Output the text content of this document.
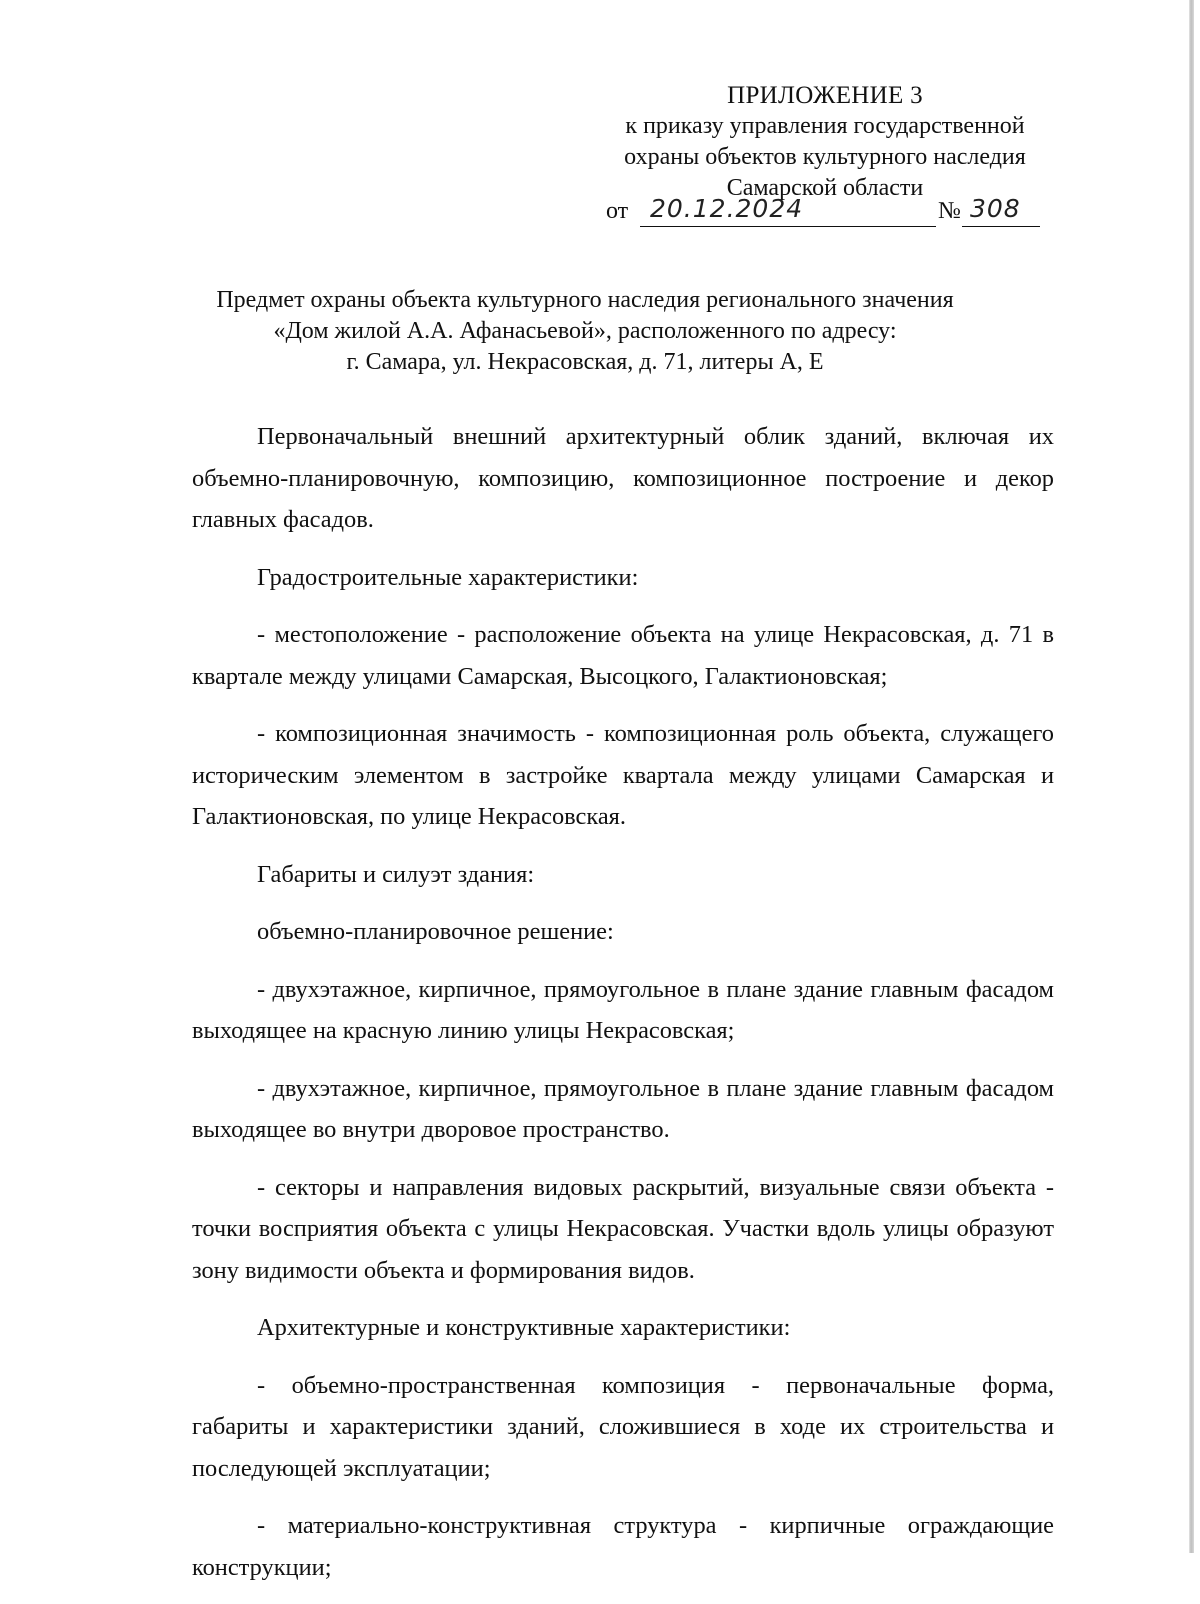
ПРИЛОЖЕНИЕ 3
к приказу управления государственной
охраны объектов культурного наследия
Самарской области
от 20.12.2024	№ 308
Предмет охраны объекта культурного наследия регионального значения
«Дом жилой А.А. Афанасьевой», расположенного по адресу:
г. Самара, ул. Некрасовская, д. 71, литеры А, Е

Первоначальный внешний архитектурный облик зданий, включая их объемно-планировочную, композицию, композиционное построение и декор главных фасадов.

Градостроительные характеристики:

- местоположение - расположение объекта на улице Некрасовская, д. 71 в квартале между улицами Самарская, Высоцкого, Галактионовская;

- композиционная значимость - композиционная роль объекта, служащего историческим элементом в застройке квартала между улицами Самарская и Галактионовская, по улице Некрасовская.

Габариты и силуэт здания:

объемно-планировочное решение:

- двухэтажное, кирпичное, прямоугольное в плане здание главным фасадом выходящее на красную линию улицы Некрасовская;

- двухэтажное, кирпичное, прямоугольное в плане здание главным фасадом выходящее во внутри дворовое пространство.

- секторы и направления видовых раскрытий, визуальные связи объекта - точки восприятия объекта с улицы Некрасовская. Участки вдоль улицы образуют зону видимости объекта и формирования видов.

Архитектурные и конструктивные характеристики:

- объемно-пространственная композиция - первоначальные форма, габариты и характеристики зданий, сложившиеся в ходе их строительства и последующей эксплуатации;

- материально-конструктивная структура - кирпичные ограждающие конструкции;
